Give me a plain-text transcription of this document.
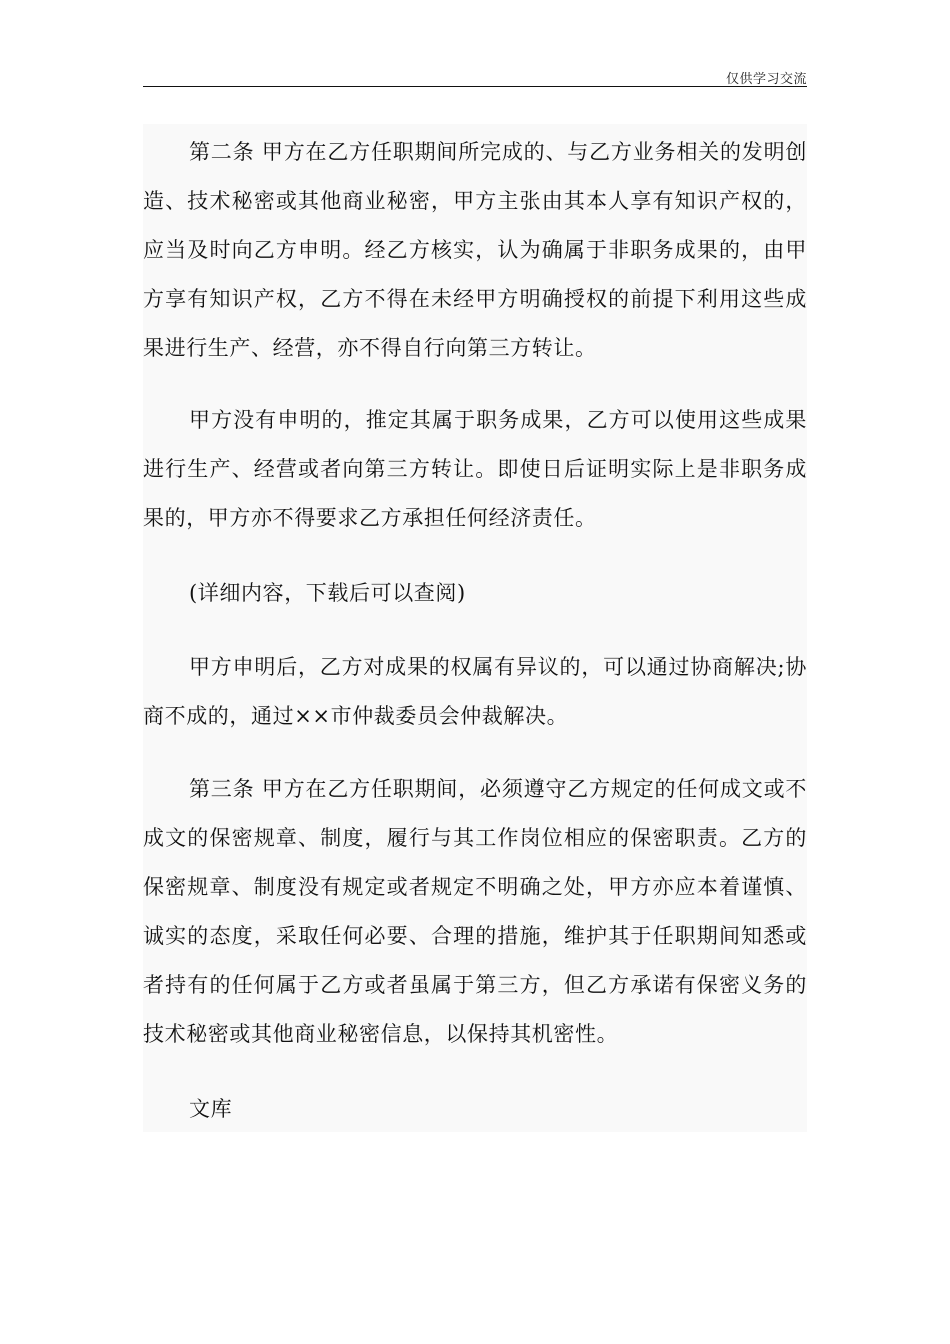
仅供学习交流

第二条 甲方在乙方任职期间所完成的、与乙方业务相关的发明创造、技术秘密或其他商业秘密，甲方主张由其本人享有知识产权的，应当及时向乙方申明。经乙方核实，认为确属于非职务成果的，由甲方享有知识产权，乙方不得在未经甲方明确授权的前提下利用这些成果进行生产、经营，亦不得自行向第三方转让。

甲方没有申明的，推定其属于职务成果，乙方可以使用这些成果进行生产、经营或者向第三方转让。即使日后证明实际上是非职务成果的，甲方亦不得要求乙方承担任何经济责任。

(详细内容，下载后可以查阅)

甲方申明后，乙方对成果的权属有异议的，可以通过协商解决;协商不成的，通过××市仲裁委员会仲裁解决。

第三条 甲方在乙方任职期间，必须遵守乙方规定的任何成文或不成文的保密规章、制度，履行与其工作岗位相应的保密职责。乙方的保密规章、制度没有规定或者规定不明确之处，甲方亦应本着谨慎、诚实的态度，采取任何必要、合理的措施，维护其于任职期间知悉或者持有的任何属于乙方或者虽属于第三方，但乙方承诺有保密义务的技术秘密或其他商业秘密信息，以保持其机密性。

文库
